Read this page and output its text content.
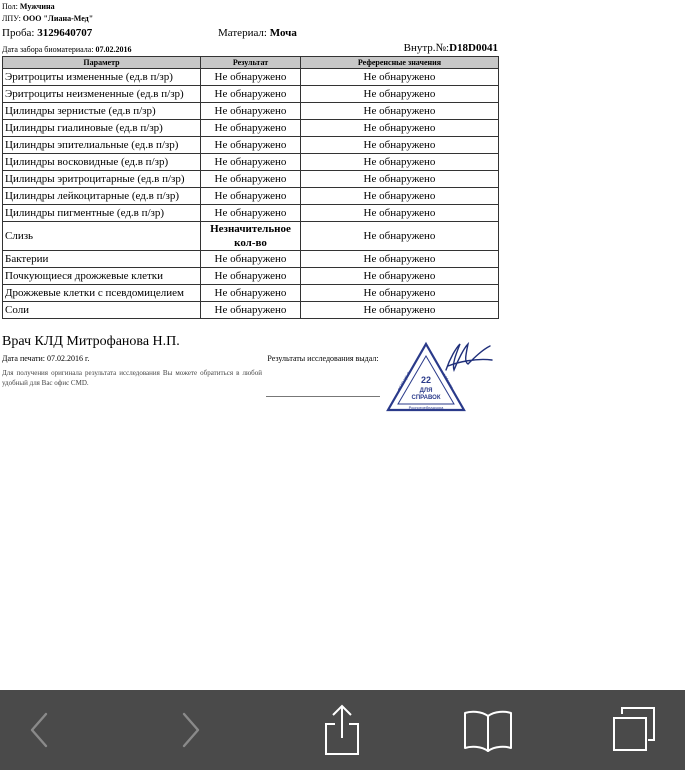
Пол: Мужчина
ЛПУ: ООО "Лиана-Мед"
Проба: 3129640707	Материал: Моча
Дата забора биоматериала: 07.02.2016	Внутр.№:D18D0041
Параметр	Результат	Референсные значения
Эритроциты измененные (ед.в п/зр)	Не обнаружено	Не обнаружено
Эритроциты неизмененные (ед.в п/зр)	Не обнаружено	Не обнаружено
Цилиндры зернистые (ед.в п/зр)	Не обнаружено	Не обнаружено
Цилиндры гиалиновые (ед.в п/зр)	Не обнаружено	Не обнаружено
Цилиндры эпителиальные (ед.в п/зр)	Не обнаружено	Не обнаружено
Цилиндры восковидные (ед.в п/зр)	Не обнаружено	Не обнаружено
Цилиндры эритроцитарные (ед.в п/зр)	Не обнаружено	Не обнаружено
Цилиндры лейкоцитарные (ед.в п/зр)	Не обнаружено	Не обнаружено
Цилиндры пигментные (ед.в п/зр)	Не обнаружено	Не обнаружено
Слизь	Незначительное кол-во	Не обнаружено
Бактерии	Не обнаружено	Не обнаружено
Почкующиеся дрожжевые клетки	Не обнаружено	Не обнаружено
Дрожжевые клетки с псевдомицелием	Не обнаружено	Не обнаружено
Соли	Не обнаружено	Не обнаружено
Врач КЛД Митрофанова Н.П.
Дата печати: 07.02.2016 г.
Для получения оригинала результата исследования Вы можете обратиться в любой удобный для Вас офис CMD.
Результаты исследования выдал:
22
ДЛЯ
СПРАВОК
Роспотребнадзора
ФБУЗ ЦГиЭ	в Москве
